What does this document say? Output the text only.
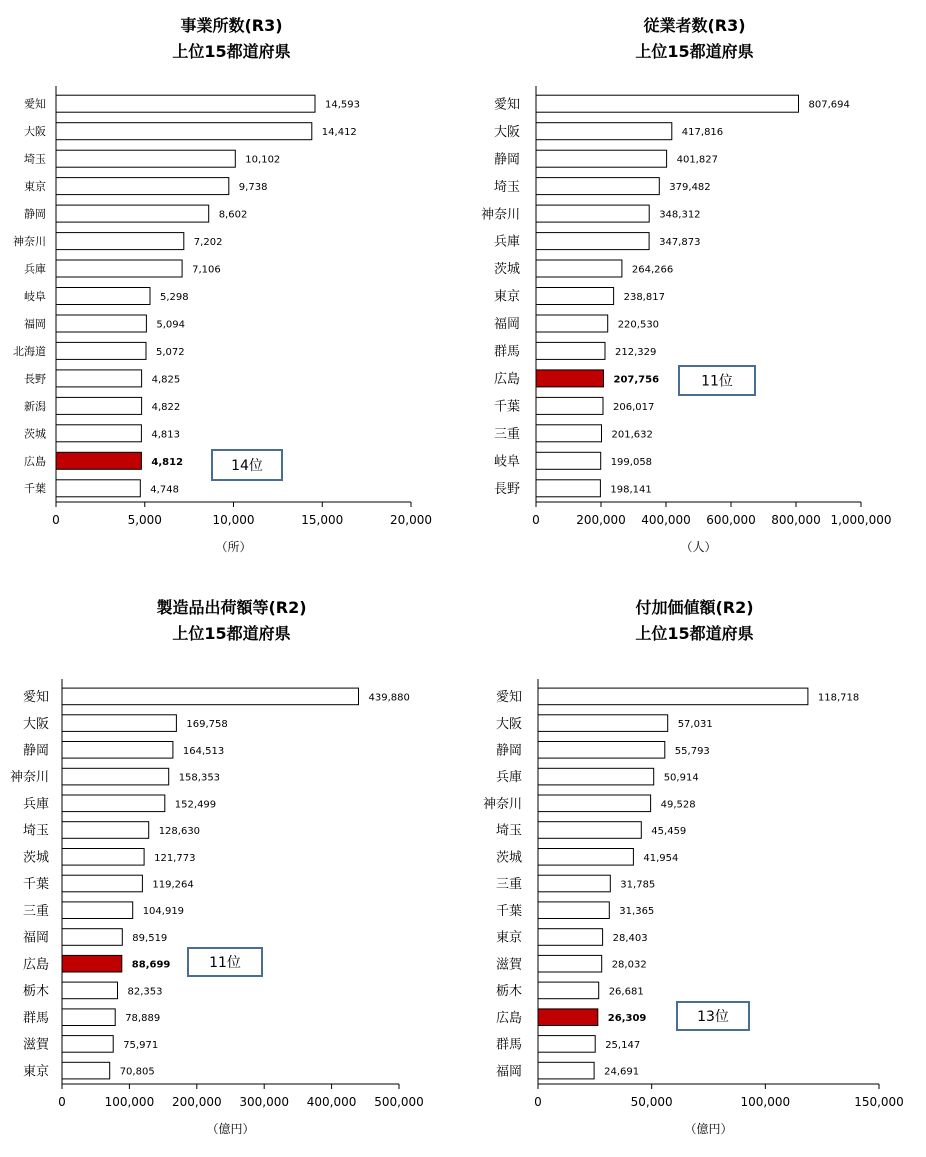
事業所数(R3)
上位15都道府県
14,593
愛知
14,412
大阪
10,102
埼玉
9,738
東京
8,602
静岡
7,202
神奈川
7,106
兵庫
5,298
岐阜
5,094
福岡
5,072
北海道
4,825
長野
4,822
新潟
4,813
茨城
4,812
広島
4,748
千葉
0	5,000	10,000	15,000	20,000
（所）
14位
従業者数(R3)
上位15都道府県
807,694
愛知
417,816
大阪
401,827
静岡
379,482
埼玉
348,312
神奈川
347,873
兵庫
264,266
茨城
238,817
東京
220,530
福岡
212,329
群馬
207,756
広島
206,017
千葉
201,632
三重
199,058
岐阜
198,141
長野
0	200,000 400,000 600,000 800,000 1,000,000
（人）
11位
製造品出荷額等(R2)
上位15都道府県
439,880
愛知
169,758
大阪
164,513
静岡
158,353
神奈川
152,499
兵庫
128,630
埼玉
121,773
茨城
119,264
千葉
104,919
三重
89,519
福岡
88,699
広島
82,353
栃木
78,889
群馬
75,971
滋賀
70,805
東京
0	100,000 200,000 300,000 400,000 500,000
（億円）
11位
付加価値額(R2)
上位15都道府県
118,718
愛知
57,031
大阪
55,793
静岡
50,914
兵庫
49,528
神奈川
45,459
埼玉
41,954
茨城
31,785
三重
31,365
千葉
28,403
東京
28,032
滋賀
26,681
栃木
26,309
広島
25,147
群馬
24,691
福岡
0	50,000	100,000	150,000
（億円）
13位
